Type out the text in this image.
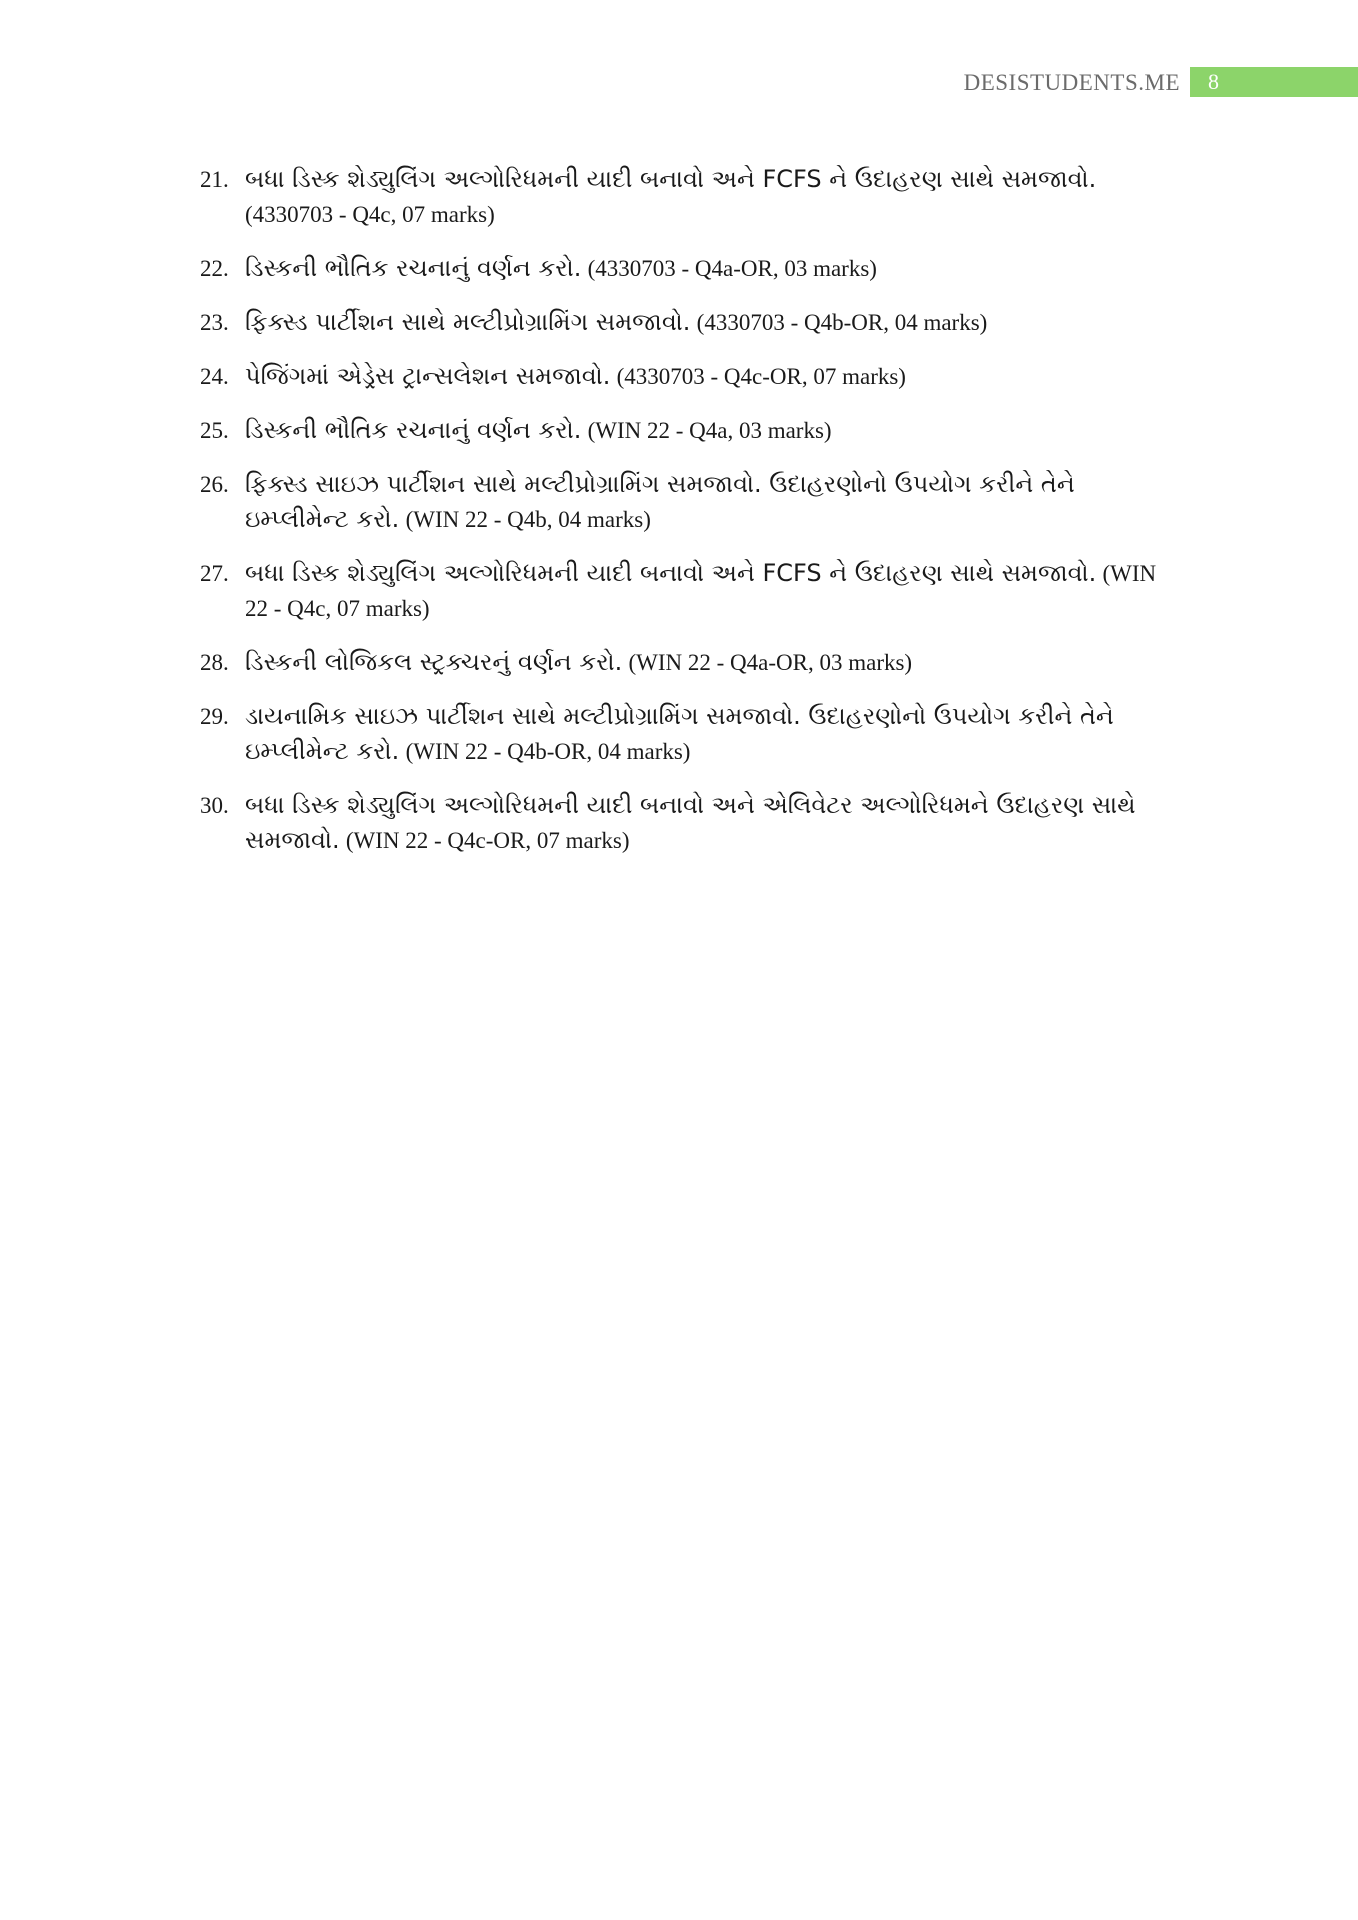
DESISTUDENTS.ME 8
21. બધા ડિસ્ક શેડ્યુલિંગ અલ્ગોરિધમની યાદી બનાવો અને FCFS ને ઉદાહરણ સાથે સમજાવો. (4330703 - Q4c, 07 marks)
22. ડિસ્કની ભૌતિક રચનાનું વર્ણન કરો. (4330703 - Q4a-OR, 03 marks)
23. ફિક્સ્ડ પાર્ટીશન સાથે મલ્ટીપ્રોગ્રામિંગ સમજાવો. (4330703 - Q4b-OR, 04 marks)
24. પેજિંગમાં એડ્રેસ ટ્રાન્સલેશન સમજાવો. (4330703 - Q4c-OR, 07 marks)
25. ડિસ્કની ભૌતિક રચનાનું વર્ણન કરો. (WIN 22 - Q4a, 03 marks)
26. ફિક્સ્ડ સાઇઝ પાર્ટીશન સાથે મલ્ટીપ્રોગ્રામિંગ સમજાવો. ઉદાહરણોનો ઉપયોગ કરીને તેને ઇમ્પ્લીમેન્ટ કરો. (WIN 22 - Q4b, 04 marks)
27. બધા ડિસ્ક શેડ્યુલિંગ અલ્ગોરિધમની યાદી બનાવો અને FCFS ને ઉદાહરણ સાથે સમજાવો. (WIN 22 - Q4c, 07 marks)
28. ડિસ્કની લોજિકલ સ્ટ્રક્ચરનું વર્ણન કરો. (WIN 22 - Q4a-OR, 03 marks)
29. ડાયનામિક સાઇઝ પાર્ટીશન સાથે મલ્ટીપ્રોગ્રામિંગ સમજાવો. ઉદાહરણોનો ઉપયોગ કરીને તેને ઇમ્પ્લીમેન્ટ કરો. (WIN 22 - Q4b-OR, 04 marks)
30. બધા ડિસ્ક શેડ્યુલિંગ અલ્ગોરિધમની યાદી બનાવો અને એલિવેટર અલ્ગોરિધમને ઉદાહરણ સાથે સમજાવો. (WIN 22 - Q4c-OR, 07 marks)
